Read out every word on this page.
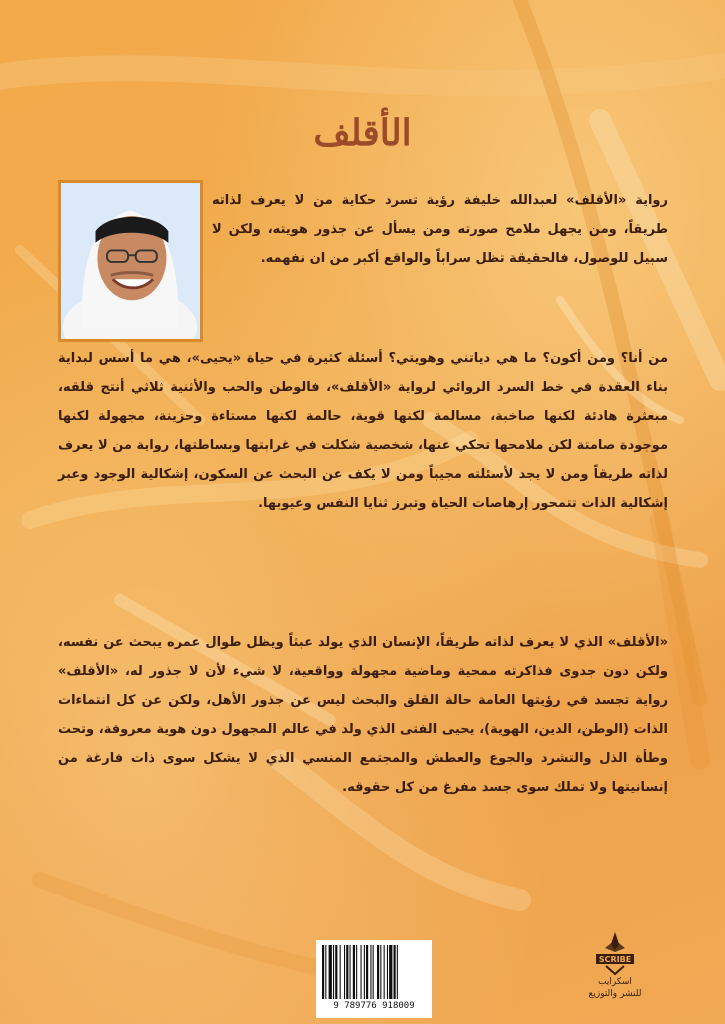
الأقلف
رواية «الأقلف» لعبدالله خليفة رؤية تسرد حكاية من لا يعرف لذاته طريقاً، ومن يجهل ملامح صورته ومن يسأل عن جذور هويته، ولكن لا سبيل للوصول، فالحقيقة تظل سراباً والواقع أكبر من ان نفهمه.
من أنا؟ ومن أكون؟ ما هي دياتني وهويتي؟ أسئلة كثيرة في حياة «يحيى»، هي ما أسس لبداية بناء العقدة في خط السرد الروائي لرواية «الأقلف»، فالوطن والحب والأثنية ثلاثي أنتج قلقه، مبعثرة هادئة لكنها صاخبة، مسالمة لكنها قوية، حالمة لكنها مستاءة وحزينة، مجهولة لكنها موجودة صامتة لكن ملامحها تحكي عنها، شخصية شكلت في غرابتها وبساطتها، رواية من لا يعرف لذاته طريقاً ومن لا يجد لأسئلته مجيباً ومن لا يكف عن البحث عن السكون، إشكالية الوجود وعبر إشكالية الذات تتمحور إرهاصات الحياة وتبرز ثنايا النفس وعيوبها.
«الأقلف» الذي لا يعرف لذاته طريقاً، الإنسان الذي يولد عبثاً ويظل طوال عمره يبحث عن نفسه، ولكن دون جدوى فذاكرته ممحية وماضية مجهولة وواقعية، لا شيء لأن لا جذور له، «الأقلف» رواية تجسد في رؤيتها العامة حالة القلق والبحث ليس عن جذور الأهل، ولكن عن كل انتماءات الذات (الوطن، الدين، الهوية)، يحيى الفتى الذي ولد في عالم المجهول دون هوية معروفة، وتحت وطأة الذل والتشرد والجوع والعطش والمجتمع المنسي الذي لا يشكل سوى ذات فارغة من إنسانيتها ولا تملك سوى جسد مفرغ من كل حقوقه.
9 789776 918009
SCRIBE
اسكرايب
للنشر والتوزيع
